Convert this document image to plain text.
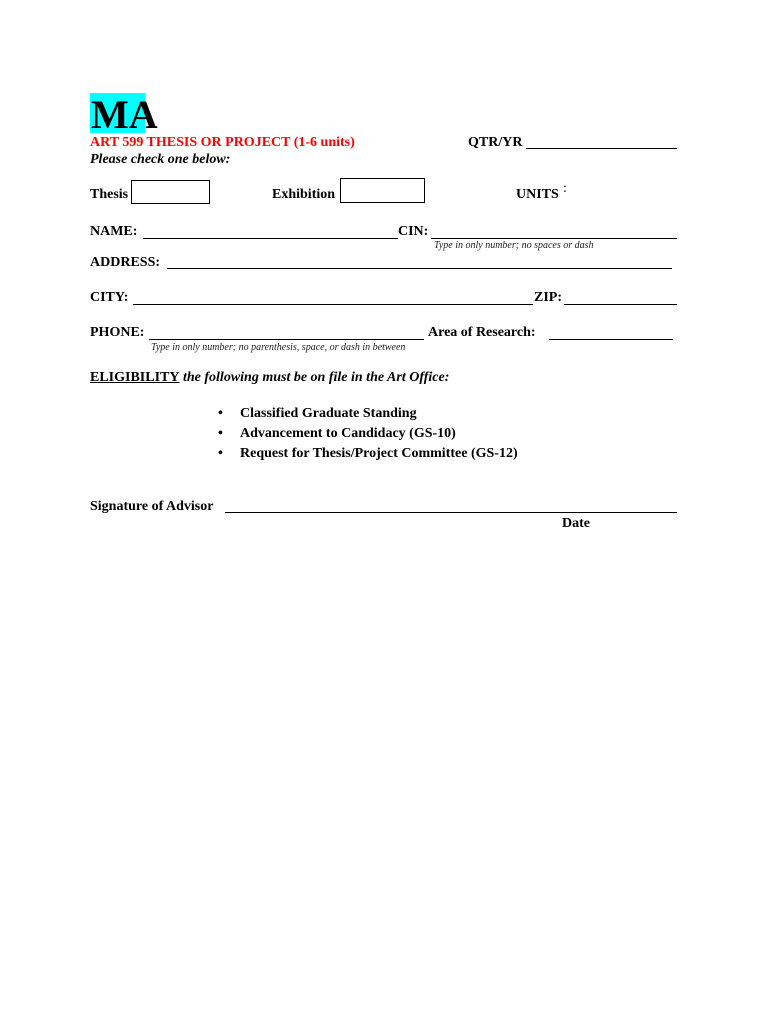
MA
ART 599 THESIS OR PROJECT (1-6 units)
Please check one below:
QTR/YR
Thesis	Exhibition	UNITS :
NAME:	CIN:
Type in only number; no spaces or dash
ADDRESS:
CITY:	ZIP:
PHONE:
Type in only number; no parenthesis, space, or dash in between
Area of Research:
ELIGIBILITY the following must be on file in the Art Office:
• Classified Graduate Standing
• Advancement to Candidacy (GS-10)
• Request for Thesis/Project Committee (GS-12)
Signature of Advisor
Date
